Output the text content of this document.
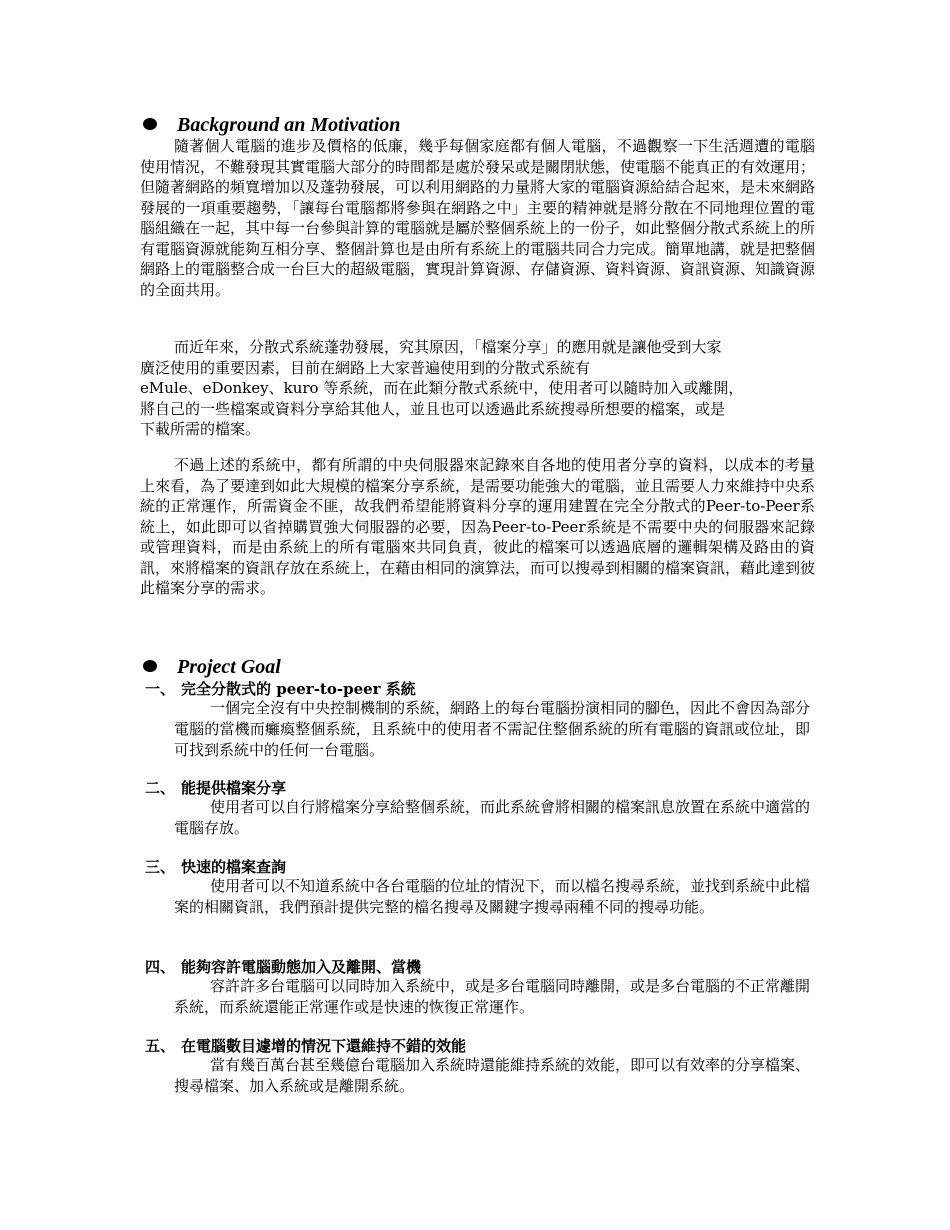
Background an Motivation
隨著個人電腦的進步及價格的低廉，幾乎每個家庭都有個人電腦，不過觀察一下生活週遭的電腦使用情況，不難發現其實電腦大部分的時間都是處於發呆或是關閉狀態，使電腦不能真正的有效運用；但隨著網路的頻寬增加以及蓬勃發展，可以利用網路的力量將大家的電腦資源給結合起來，是未來網路發展的一項重要趨勢，「讓每台電腦都將參與在網路之中」主要的精神就是將分散在不同地理位置的電腦組織在一起，其中每一台參與計算的電腦就是屬於整個系統上的一份子，如此整個分散式系統上的所有電腦資源就能夠互相分享、整個計算也是由所有系統上的電腦共同合力完成。簡單地講，就是把整個網路上的電腦整合成一台巨大的超級電腦，實現計算資源、存儲資源、資料資源、資訊資源、知識資源的全面共用。
而近年來，分散式系統蓬勃發展，究其原因，「檔案分享」的應用就是讓他受到大家
廣泛使用的重要因素，目前在網路上大家普遍使用到的分散式系統有
eMule、eDonkey、kuro 等系統，而在此類分散式系統中，使用者可以隨時加入或離開，
將自己的一些檔案或資料分享給其他人，並且也可以透過此系統搜尋所想要的檔案，或是
下載所需的檔案。
不過上述的系統中，都有所謂的中央伺服器來記錄來自各地的使用者分享的資料，以成本的考量上來看，為了要達到如此大規模的檔案分享系統，是需要功能強大的電腦，並且需要人力來維持中央系統的正常運作，所需資金不匪，故我們希望能將資料分享的運用建置在完全分散式的Peer-to-Peer系統上，如此即可以省掉購買強大伺服器的必要，因為Peer-to-Peer系統是不需要中央的伺服器來記錄或管理資料，而是由系統上的所有電腦來共同負責，彼此的檔案可以透過底層的邏輯架構及路由的資訊，來將檔案的資訊存放在系統上，在藉由相同的演算法，而可以搜尋到相關的檔案資訊，藉此達到彼此檔案分享的需求。
Project Goal
一、 完全分散式的 peer-to-peer 系統
一個完全沒有中央控制機制的系統，網路上的每台電腦扮演相同的腳色，因此不會因為部分電腦的當機而癱瘓整個系統，且系統中的使用者不需記住整個系統的所有電腦的資訊或位址，即可找到系統中的任何一台電腦。
二、 能提供檔案分享
使用者可以自行將檔案分享給整個系統，而此系統會將相關的檔案訊息放置在系統中適當的電腦存放。
三、 快速的檔案查詢
使用者可以不知道系統中各台電腦的位址的情況下，而以檔名搜尋系統，並找到系統中此檔案的相關資訊，我們預計提供完整的檔名搜尋及關鍵字搜尋兩種不同的搜尋功能。
四、 能夠容許電腦動態加入及離開、當機
容許許多台電腦可以同時加入系統中，或是多台電腦同時離開，或是多台電腦的不正常離開系統，而系統還能正常運作或是快速的恢復正常運作。
五、 在電腦數目遽增的情況下還維持不錯的效能
當有幾百萬台甚至幾億台電腦加入系統時還能維持系統的效能，即可以有效率的分享檔案、搜尋檔案、加入系統或是離開系統。
